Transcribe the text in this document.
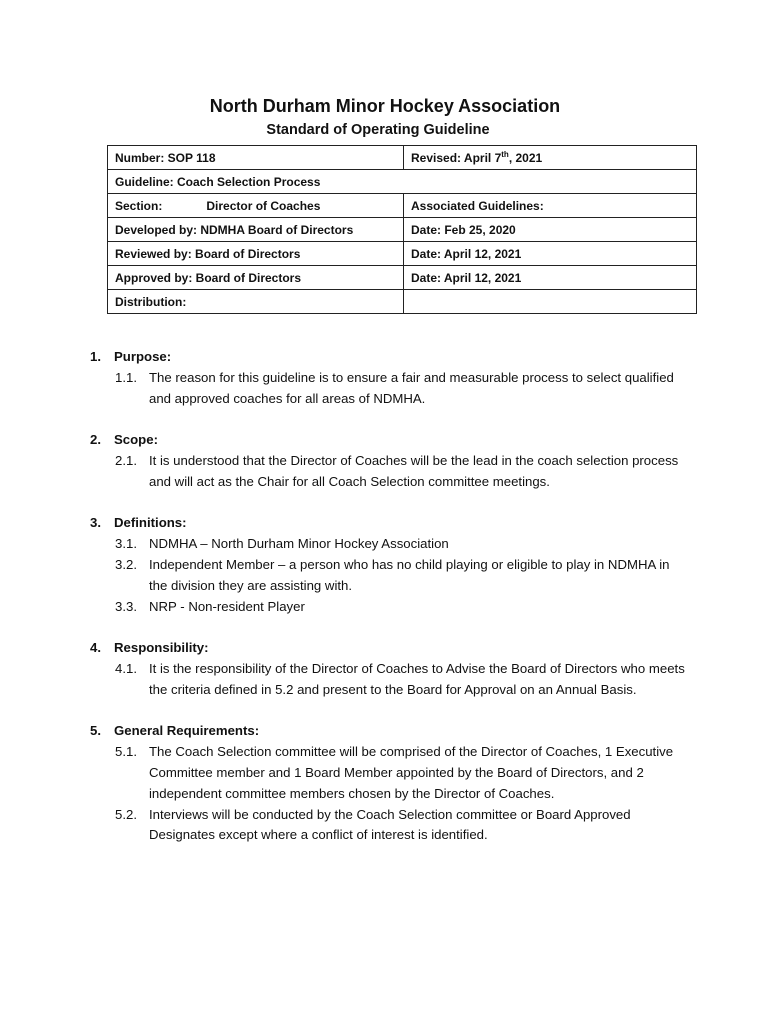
North Durham Minor Hockey Association
Standard of Operating Guideline
Number: SOP 118	Revised: April 7th, 2021
Guideline: Coach Selection Process	
Section: Director of Coaches	Associated Guidelines:
Developed by: NDMHA Board of Directors	Date: Feb 25, 2020
Reviewed by: Board of Directors	Date: April 12, 2021
Approved by: Board of Directors	Date: April 12, 2021
Distribution:	
1. Purpose:
1.1. The reason for this guideline is to ensure a fair and measurable process to select qualified and approved coaches for all areas of NDMHA.
2. Scope:
2.1. It is understood that the Director of Coaches will be the lead in the coach selection process and will act as the Chair for all Coach Selection committee meetings.
3. Definitions:
3.1. NDMHA – North Durham Minor Hockey Association
3.2. Independent Member – a person who has no child playing or eligible to play in NDMHA in the division they are assisting with.
3.3. NRP - Non-resident Player
4. Responsibility:
4.1. It is the responsibility of the Director of Coaches to Advise the Board of Directors who meets the criteria defined in 5.2 and present to the Board for Approval on an Annual Basis.
5. General Requirements:
5.1. The Coach Selection committee will be comprised of the Director of Coaches, 1 Executive Committee member and 1 Board Member appointed by the Board of Directors, and 2 independent committee members chosen by the Director of Coaches.
5.2. Interviews will be conducted by the Coach Selection committee or Board Approved Designates except where a conflict of interest is identified.
